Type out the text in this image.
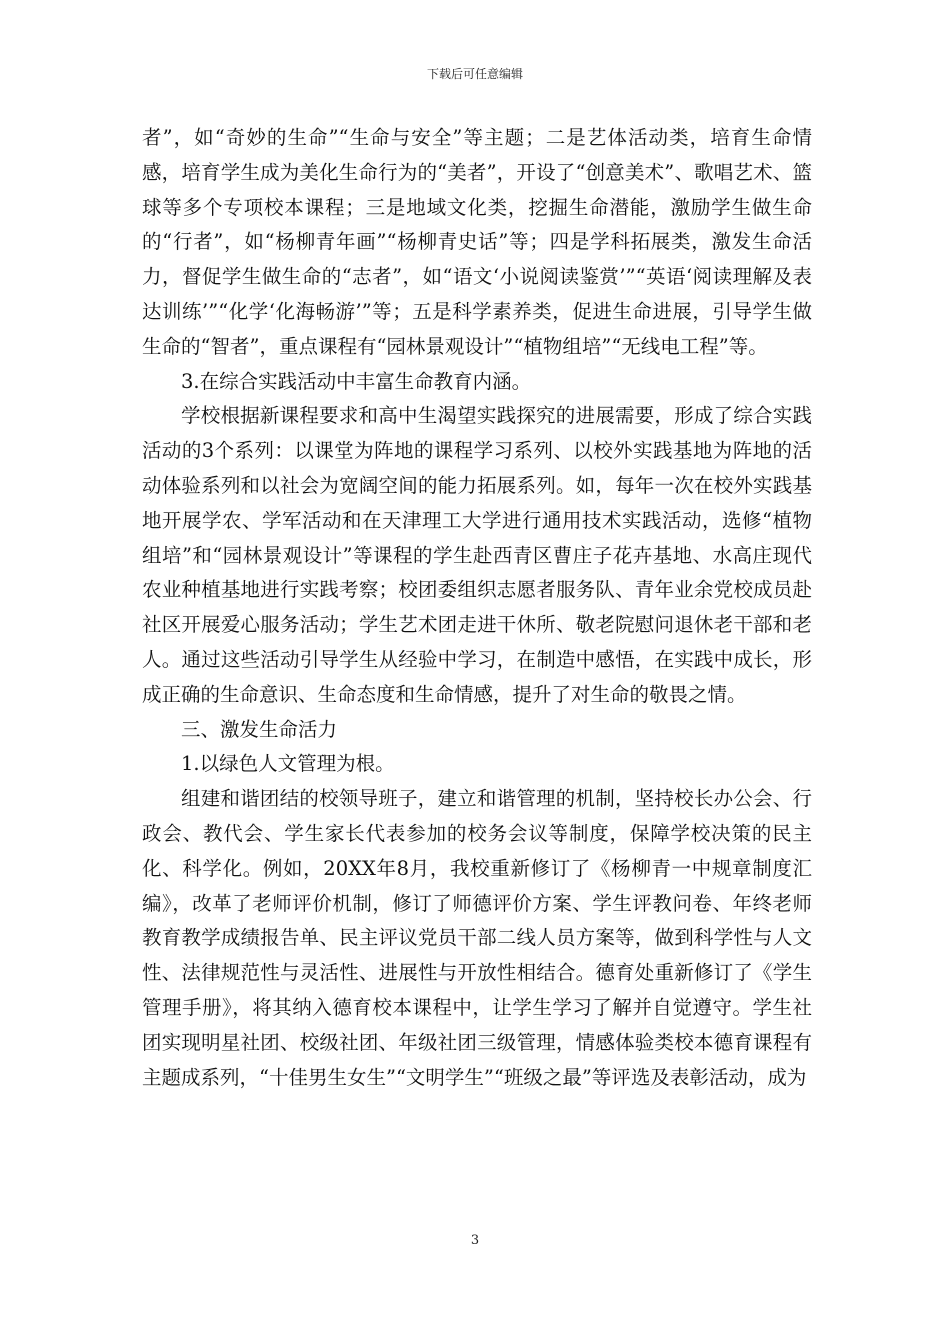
下载后可任意编辑

者”，如“奇妙的生命”“生命与安全”等主题；二是艺体活动类，培育生命情感，培育学生成为美化生命行为的“美者”，开设了“创意美术”、歌唱艺术、篮球等多个专项校本课程；三是地域文化类，挖掘生命潜能，激励学生做生命的“行者”，如“杨柳青年画”“杨柳青史话”等；四是学科拓展类，激发生命活力，督促学生做生命的“志者”，如“语文‘小说阅读鉴赏’”“英语‘阅读理解及表达训练’”“化学‘化海畅游’”等；五是科学素养类，促进生命进展，引导学生做生命的“智者”，重点课程有“园林景观设计”“植物组培”“无线电工程”等。

3.在综合实践活动中丰富生命教育内涵。

学校根据新课程要求和高中生渴望实践探究的进展需要，形成了综合实践活动的3个系列：以课堂为阵地的课程学习系列、以校外实践基地为阵地的活动体验系列和以社会为宽阔空间的能力拓展系列。如，每年一次在校外实践基地开展学农、学军活动和在天津理工大学进行通用技术实践活动，选修“植物组培”和“园林景观设计”等课程的学生赴西青区曹庄子花卉基地、水高庄现代农业种植基地进行实践考察；校团委组织志愿者服务队、青年业余党校成员赴社区开展爱心服务活动；学生艺术团走进干休所、敬老院慰问退休老干部和老人。通过这些活动引导学生从经验中学习，在制造中感悟，在实践中成长，形成正确的生命意识、生命态度和生命情感，提升了对生命的敬畏之情。

三、激发生命活力

1.以绿色人文管理为根。

组建和谐团结的校领导班子，建立和谐管理的机制，坚持校长办公会、行政会、教代会、学生家长代表参加的校务会议等制度，保障学校决策的民主化、科学化。例如，20XX年8月，我校重新修订了《杨柳青一中规章制度汇编》，改革了老师评价机制，修订了师德评价方案、学生评教问卷、年终老师教育教学成绩报告单、民主评议党员干部二线人员方案等，做到科学性与人文性、法律规范性与灵活性、进展性与开放性相结合。德育处重新修订了《学生管理手册》，将其纳入德育校本课程中，让学生学习了解并自觉遵守。学生社团实现明星社团、校级社团、年级社团三级管理，情感体验类校本德育课程有主题成系列，“十佳男生女生”“文明学生”“班级之最”等评选及表彰活动，成为

3
